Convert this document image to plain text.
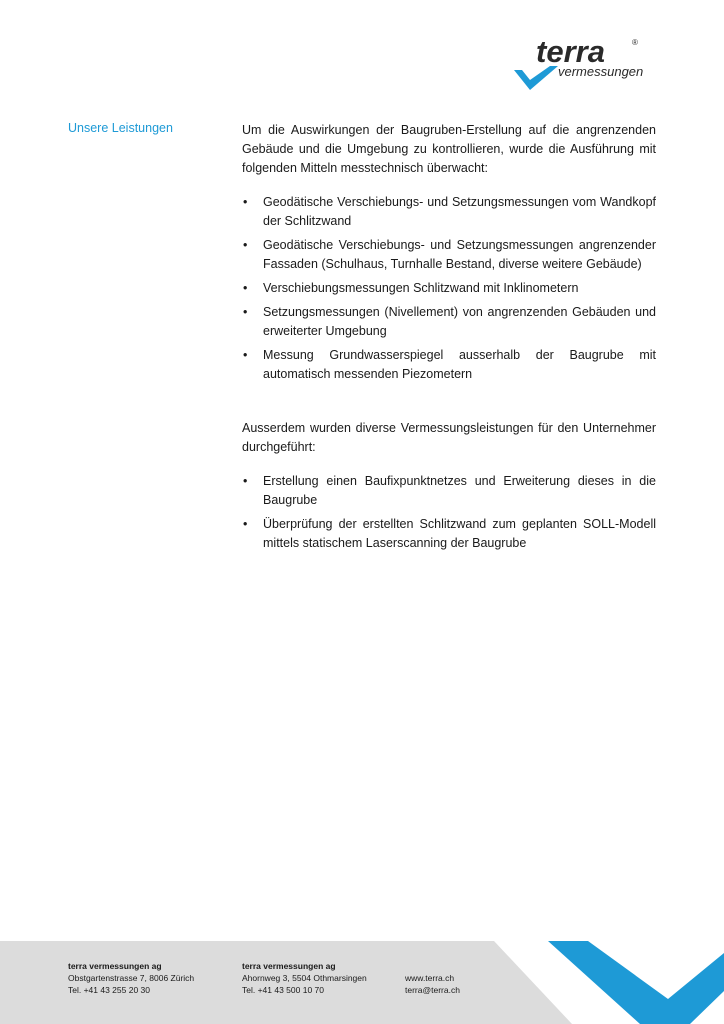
terra	®
vermessungen
Unsere Leistungen	Um die Auswirkungen der Baugruben-Erstellung auf die angrenzenden Gebäude und die Umgebung zu kontrollieren, wurde die Ausführung mit folgenden Mitteln messtechnisch überwacht:

• Geodätische Verschiebungs- und Setzungsmessungen vom Wandkopf der Schlitzwand
• Geodätische Verschiebungs- und Setzungsmessungen angrenzender Fassaden (Schulhaus, Turnhalle Bestand, diverse weitere Gebäude)
• Verschiebungsmessungen Schlitzwand mit Inklinometern
• Setzungsmessungen (Nivellement) von angrenzenden Gebäuden und erweiterter Umgebung
• Messung Grundwasserspiegel ausserhalb der Baugrube mit automatisch messenden Piezometern

Ausserdem wurden diverse Vermessungsleistungen für den Unternehmer durchgeführt:

• Erstellung einen Baufixpunktnetzes und Erweiterung dieses in die Baugrube
• Überprüfung der erstellten Schlitzwand zum geplanten SOLL-Modell mittels statischem Laserscanning der Baugrube
terra vermessungen ag
Obstgartenstrasse 7, 8006 Zürich
Tel. +41 43 255 20 30
terra vermessungen ag
Ahornweg 3, 5504 Othmarsingen
Tel. +41 43 500 10 70
www.terra.ch
terra@terra.ch
